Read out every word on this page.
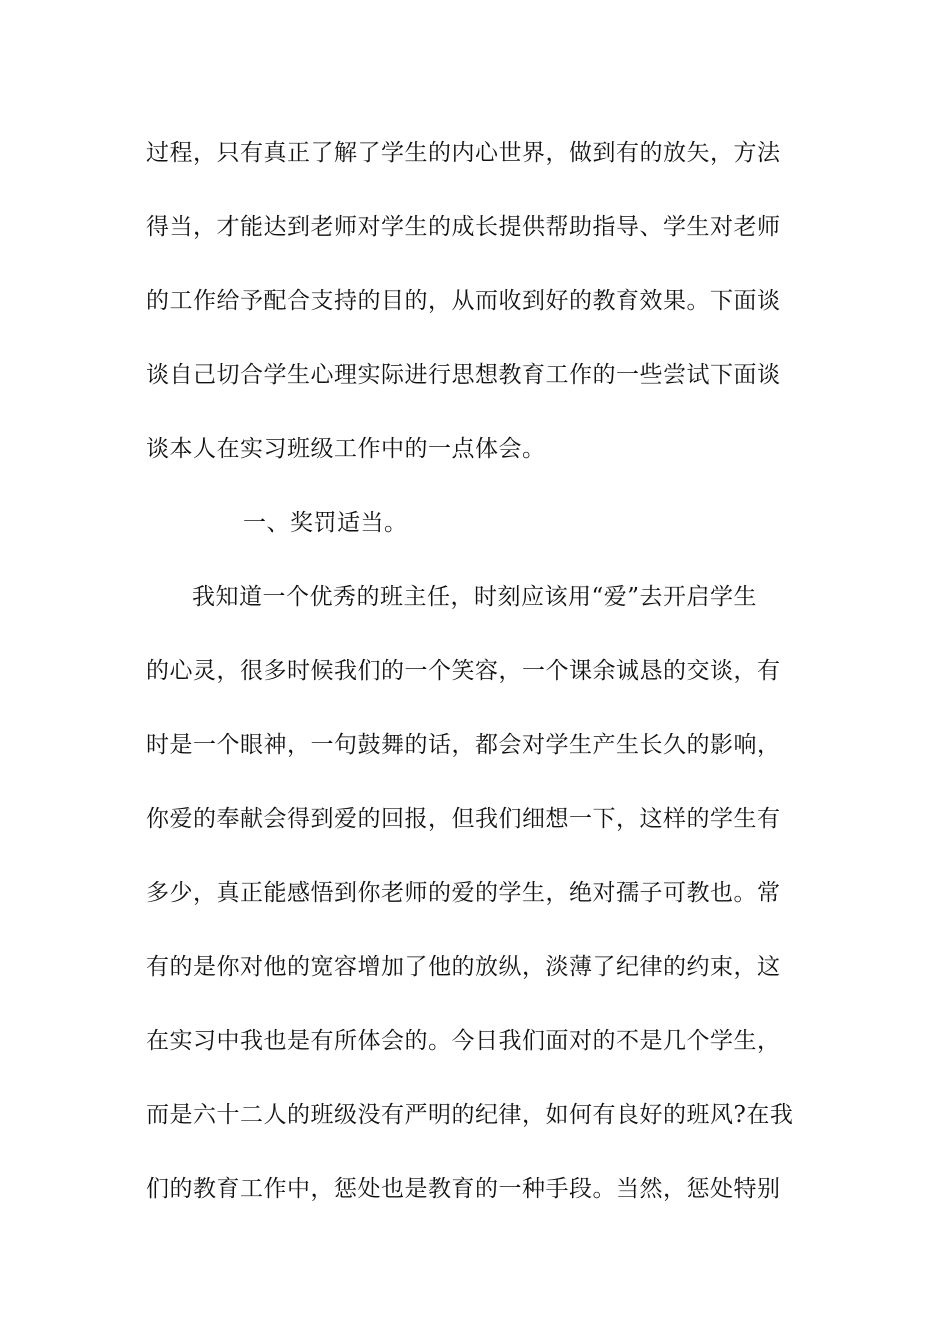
过程，只有真正了解了学生的内心世界，做到有的放矢，方法
得当，才能达到老师对学生的成长提供帮助指导、学生对老师
的工作给予配合支持的目的，从而收到好的教育效果。下面谈
谈自己切合学生心理实际进行思想教育工作的一些尝试下面谈
谈本人在实习班级工作中的一点体会。
一、奖罚适当。
我知道一个优秀的班主任，时刻应该用“爱”去开启学生
的心灵，很多时候我们的一个笑容，一个课余诚恳的交谈，有
时是一个眼神，一句鼓舞的话，都会对学生产生长久的影响，
你爱的奉献会得到爱的回报，但我们细想一下，这样的学生有
多少，真正能感悟到你老师的爱的学生，绝对孺子可教也。常
有的是你对他的宽容增加了他的放纵，淡薄了纪律的约束，这
在实习中我也是有所体会的。今日我们面对的不是几个学生，
而是六十二人的班级没有严明的纪律，如何有良好的班风?在我
们的教育工作中，惩处也是教育的一种手段。当然，惩处特别
